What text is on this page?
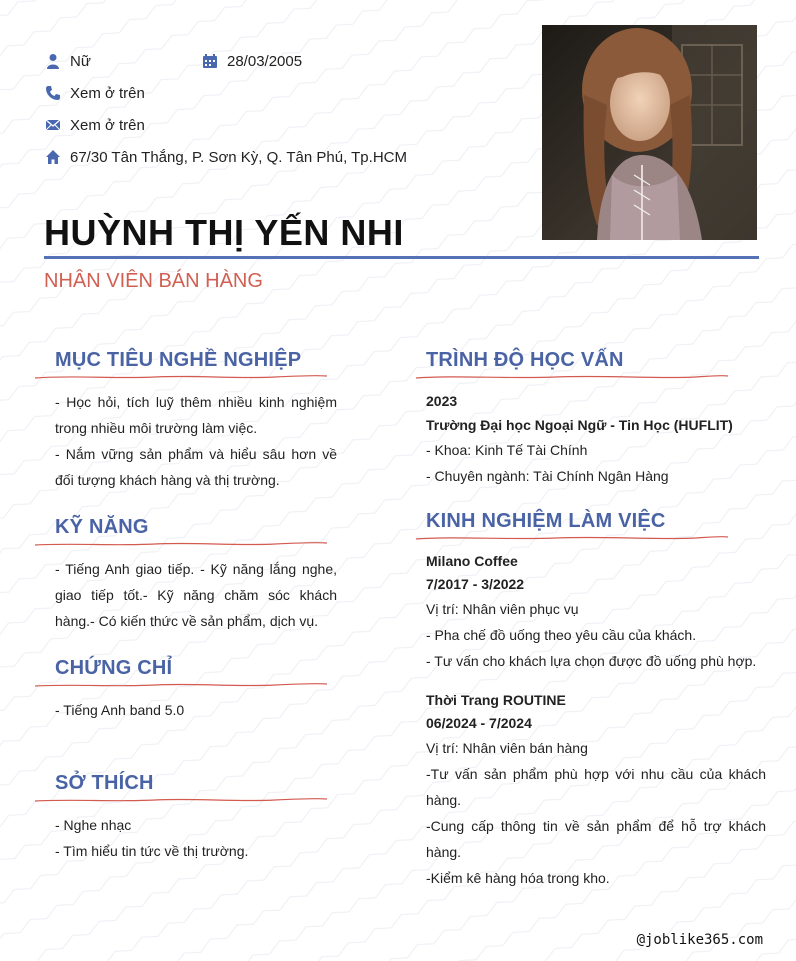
Nữ	28/03/2005
Xem ở trên
Xem ở trên
67/30 Tân Thắng, P. Sơn Kỳ, Q. Tân Phú, Tp.HCM
HUỲNH THỊ YẾN NHI
NHÂN VIÊN BÁN HÀNG
MỤC TIÊU NGHỀ NGHIỆP
- Học hỏi, tích luỹ thêm nhiều kinh nghiệm trong nhiều môi trường làm việc.
- Nắm vững sản phẩm và hiểu sâu hơn về đối tượng khách hàng và thị trường.
KỸ NĂNG
- Tiếng Anh giao tiếp. - Kỹ năng lắng nghe, giao tiếp tốt.- Kỹ năng chăm sóc khách hàng.- Có kiến thức về sản phẩm, dịch vụ.
CHỨNG CHỈ
- Tiếng Anh band 5.0
SỞ THÍCH
- Nghe nhạc
- Tìm hiểu tin tức về thị trường.
TRÌNH ĐỘ HỌC VẤN
2023
Trường Đại học Ngoại Ngữ - Tin Học (HUFLIT)
- Khoa: Kinh Tế Tài Chính
- Chuyên ngành: Tài Chính Ngân Hàng
KINH NGHIỆM LÀM VIỆC
Milano Coffee
7/2017 - 3/2022
Vị trí: Nhân viên phục vụ
- Pha chế đồ uống theo yêu cầu của khách.
- Tư vấn cho khách lựa chọn được đồ uống phù hợp.
Thời Trang ROUTINE
06/2024 - 7/2024
Vị trí: Nhân viên bán hàng
-Tư vấn sản phẩm phù hợp với nhu cầu của khách hàng.
-Cung cấp thông tin về sản phẩm để hỗ trợ khách hàng.
-Kiểm kê hàng hóa trong kho.
@joblike365.com
